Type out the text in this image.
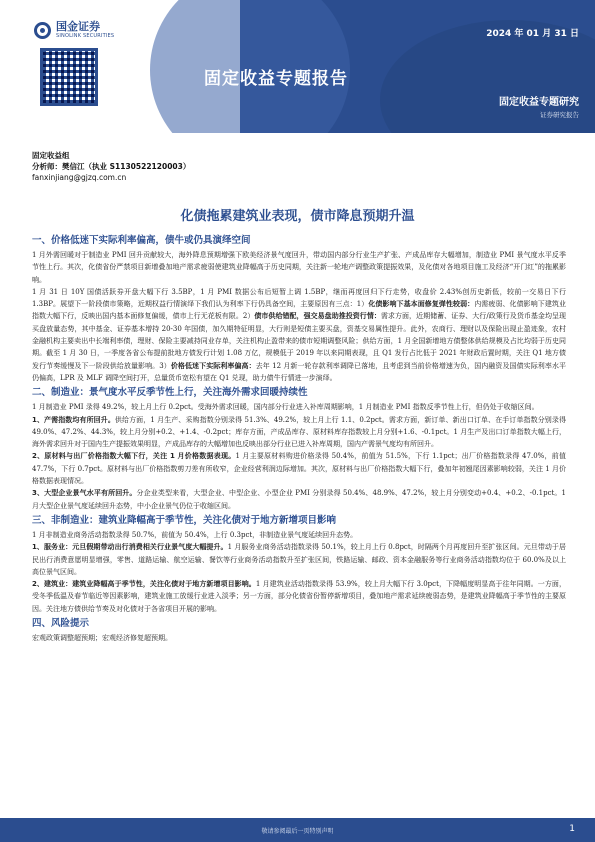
国金证券
SINOLINK SECURITIES	2024 年 01 月 31 日
固定收益专题报告
固定收益专题研究
证券研究报告
固定收益组
分析师：樊信江（执业 S1130522120003）
fanxinjiang@gjzq.com.cn
化债拖累建筑业表现，债市降息预期升温
一、价格低迷下实际利率偏高，债牛或仍具演绎空间

1 月外需回暖对于制造业 PMI 回升贡献较大，海外降息预期增强下欧美经济景气度回升，带动国内部分行业生产扩张、产成品库存大幅增加，制造业 PMI 景气度水平反季节性上行。其次，化债省份严禁项目新增叠加地产需求疲弱使建筑业降幅高于历史同期，关注新一轮地产调整政策提振效果，及化债对各地项目施工及经济“开门红”的拖累影响。

1 月 31 日 10Y 国债活跃券开盘大幅下行 3.5BP，1 月 PMI 数据公布后短暂上调 1.5BP，继而再度回归下行走势，收盘价 2.43%创历史新低，较前一交易日下行 1.3BP。展望下一阶段债市策略，近期权益行情演绎下我们认为利率下行仍具备空间，主要原因有三点：1）化债影响下基本面修复弹性较弱：内需疲弱、化债影响下建筑业指数大幅下行，反映出国内基本面修复偏缓，债市上行无花板有限。2）债市供给错配，强交易盘助推投资行情：需求方面，近期储蓄、证券、大行/政策行及货币基金均呈现买盘放量态势，其中基金、证券基本增持 20-30 年国债，加久期特征明显，大行则是短债主要买盘，资基交易属性提升。此外，农商行、理财以及保险出现止盈迹象，农村金融机构主要卖出中长端利率债，理财、保险主要减持同业存单，关注机构止盈带来的债市短期调整风险；供给方面，1 月全国新增地方债整体供给规模及占比均弱于历史同期。截至 1 月 30 日，一季度各省公布提前批地方债发行计划 1.08 万亿，规模低于 2019 年以来同期表现，且 Q1 发行占比低于 2021 年财政后置时期，关注 Q1 地方债发行节奏缓慢及下一阶段供给放量影响。3）价格低迷下实际利率偏高：去年 12 月新一轮存款利率调降已落地，且考虑到当前价格增速为负，国内融资及国债实际利率水平仍偏高，LPR 及 MLF 调降空间打开，总量货币宽松有望在 Q1 兑现，助力债牛行情进一步演绎。

二、制造业：景气度水平反季节性上行，关注海外需求回暖持续性

1 月制造业 PMI 录得 49.2%，较上月上行 0.2pct。受海外需求回暖，国内部分行业进入补库周期影响，1 月制造业 PMI 指数反季节性上行，但仍处于收缩区间。

1、产需指数均有所回升。供给方面，1 月生产、采购指数分别录得 51.3%、49.2%，较上月上行 1.1、0.2pct。需求方面，新订单、新出口订单、在手订单指数分别录得 49.0%、47.2%、44.3%，较上月分别+0.2、+1.4、-0.2pct；库存方面，产成品库存、原材料库存指数较上月分别+1.6、-0.1pct。1 月生产及出口订单指数大幅上行，海外需求回升对于国内生产提振效果明显，产成品库存的大幅增加也反映出部分行业已进入补库周期，国内产需景气度均有所回升。

2、原材料与出厂价格指数大幅下行，关注 1 月价格数据表现。1 月主要原材料购进价格录得 50.4%，前值为 51.5%，下行 1.1pct；出厂价格指数录得 47.0%，前值 47.7%，下行 0.7pct。原材料与出厂价格指数剪刀差有所收窄，企业经营利润边际增加。其次，原材料与出厂价格指数大幅下行，叠加年初翘尾因素影响较弱，关注 1 月价格数据表现情况。

3、大型企业景气水平有所回升。分企业类型来看，大型企业、中型企业、小型企业 PMI 分别录得 50.4%、48.9%、47.2%，较上月分别变动+0.4、+0.2、-0.1pct。1 月大型企业景气度延续回升态势，中小企业景气仍位于收缩区间。

三、非制造业：建筑业降幅高于季节性，关注化债对于地方新增项目影响

1 月非制造业商务活动指数录得 50.7%，前值为 50.4%，上行 0.3pct，非制造业景气度延续回升态势。

1、服务业：元旦假期带动出行消费相关行业景气度大幅提升。1 月服务业商务活动指数录得 50.1%，较上月上行 0.8pct，时隔两个月再度回升至扩张区间。元旦带动于居民出行消费意愿明显增强，零售、道路运输、航空运输、餐饮等行业商务活动指数升至扩张区间，铁路运输、邮政、资本金融服务等行业商务活动指数均位于 60.0%及以上高位景气区间。

2、建筑业：建筑业降幅高于季节性，关注化债对于地方新增项目影响。1 月建筑业活动指数录得 53.9%，较上月大幅下行 3.0pct，下降幅度明显高于往年同期。一方面，受冬季低温及春节临近等因素影响，建筑业施工放缓行业进入淡季；另一方面，部分化债省份暂停新增项目，叠加地产需求延续疲弱态势，是建筑业降幅高于季节性的主要原因。关注地方债供给节奏及对化债对于各省项目开展的影响。

四、风险提示

宏观政策调整超预期；宏观经济修复超预期。

敬请参阅最后一页特别声明	1
